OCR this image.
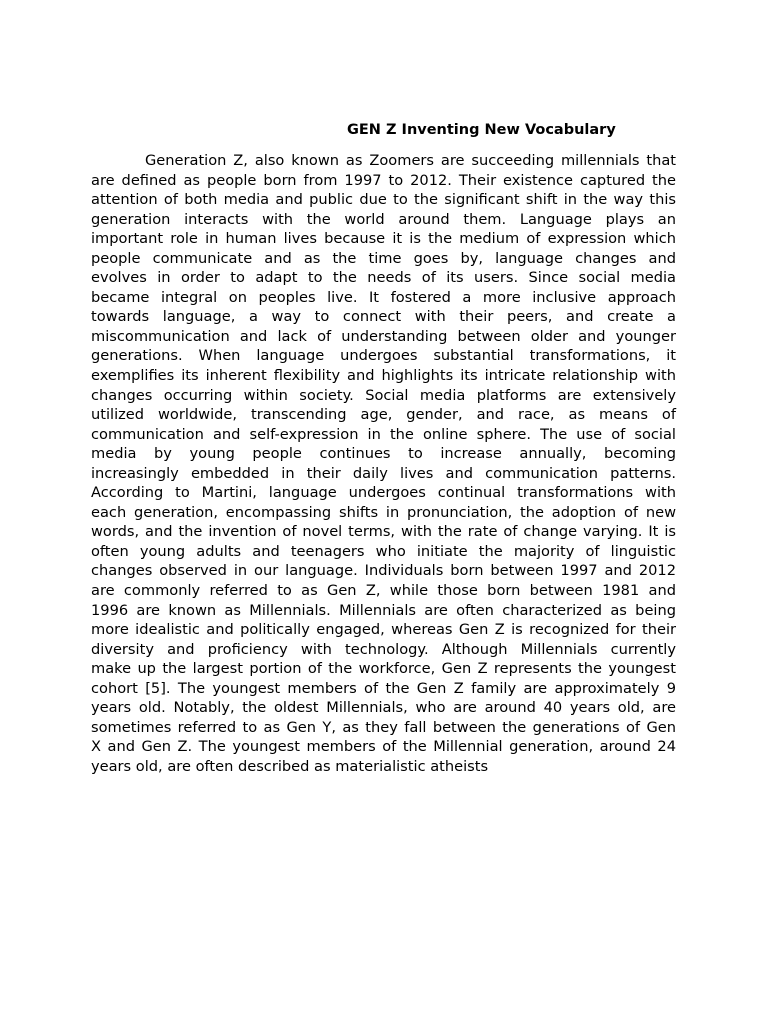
GEN Z Inventing New Vocabulary
Generation Z, also known as Zoomers are succeeding millennials that
are defined as people born from 1997 to 2012. Their existence captured the
attention of both media and public due to the significant shift in the way this
generation interacts with the world around them. Language plays an
important role in human lives because it is the medium of expression which
people communicate and as the time goes by, language changes and
evolves in order to adapt to the needs of its users. Since social media
became integral on peoples live. It fostered a more inclusive approach
towards language, a way to connect with their peers, and create a
miscommunication and lack of understanding between older and younger
generations. When language undergoes substantial transformations, it
exemplifies its inherent flexibility and highlights its intricate relationship with
changes occurring within society. Social media platforms are extensively
utilized worldwide, transcending age, gender, and race, as means of
communication and self-expression in the online sphere. The use of social
media by young people continues to increase annually, becoming
increasingly embedded in their daily lives and communication patterns.
According to Martini, language undergoes continual transformations with
each generation, encompassing shifts in pronunciation, the adoption of new
words, and the invention of novel terms, with the rate of change varying. It is
often young adults and teenagers who initiate the majority of linguistic
changes observed in our language. Individuals born between 1997 and 2012
are commonly referred to as Gen Z, while those born between 1981 and
1996 are known as Millennials. Millennials are often characterized as being
more idealistic and politically engaged, whereas Gen Z is recognized for their
diversity and proficiency with technology. Although Millennials currently
make up the largest portion of the workforce, Gen Z represents the youngest
cohort [5]. The youngest members of the Gen Z family are approximately 9
years old. Notably, the oldest Millennials, who are around 40 years old, are
sometimes referred to as Gen Y, as they fall between the generations of Gen
X and Gen Z. The youngest members of the Millennial generation, around 24
years old, are often described as materialistic atheists
